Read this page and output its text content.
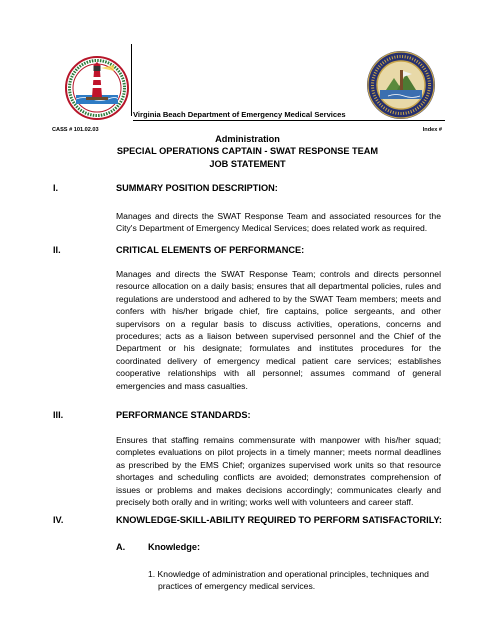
Virginia Beach Department of Emergency Medical Services
CASS # 101.02.03	Index #
Administration
SPECIAL OPERATIONS CAPTAIN - SWAT RESPONSE TEAM
JOB STATEMENT
I.	SUMMARY POSITION DESCRIPTION:
Manages and directs the SWAT Response Team and associated resources for the City's Department of Emergency Medical Services; does related work as required.
II.	CRITICAL ELEMENTS OF PERFORMANCE:
Manages and directs the SWAT Response Team; controls and directs personnel resource allocation on a daily basis; ensures that all departmental policies, rules and regulations are understood and adhered to by the SWAT Team members; meets and confers with his/her brigade chief, fire captains, police sergeants, and other supervisors on a regular basis to discuss activities, operations, concerns and procedures; acts as a liaison between supervised personnel and the Chief of the Department or his designate; formulates and institutes procedures for the coordinated delivery of emergency medical patient care services; establishes cooperative relationships with all personnel; assumes command of general emergencies and mass casualties.
III.	PERFORMANCE STANDARDS:
Ensures that staffing remains commensurate with manpower with his/her squad; completes evaluations on pilot projects in a timely manner; meets normal deadlines as prescribed by the EMS Chief; organizes supervised work units so that resource shortages and scheduling conflicts are avoided; demonstrates comprehension of issues or problems and makes decisions accordingly; communicates clearly and precisely both orally and in writing; works well with volunteers and career staff.
IV.	KNOWLEDGE-SKILL-ABILITY REQUIRED TO PERFORM SATISFACTORILY:
A. Knowledge:
1. Knowledge of administration and operational principles, techniques and practices of emergency medical services.
